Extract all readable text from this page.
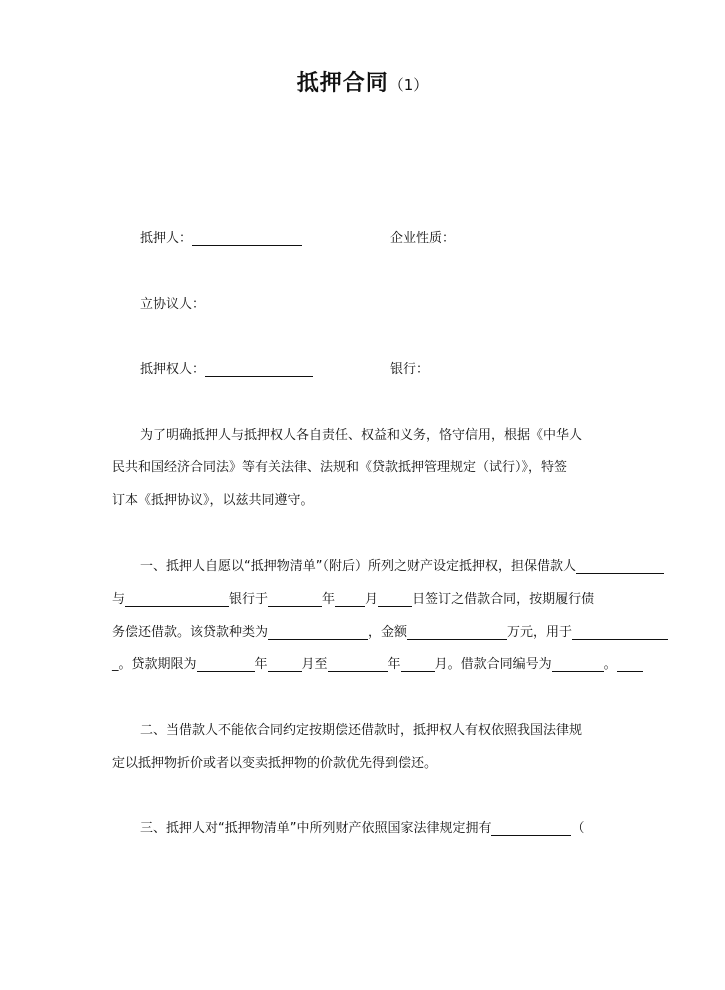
抵押合同（1）
抵押人：	企业性质：
立协议人：
抵押权人：	银行：
为了明确抵押人与抵押权人各自责任、权益和义务，恪守信用，根据《中华人
民共和国经济合同法》等有关法律、法规和《贷款抵押管理规定（试行）》，特签
订本《抵押协议》，以兹共同遵守。
一、抵押人自愿以“抵押物清单”（附后）所列之财产设定抵押权，担保借款人
与	银行于	年 月	日签订之借款合同，按期履行债
务偿还借款。该贷款种类为	，金额	万元，用于
_。贷款期限为	年	月至	年	月。借款合同编号为	。
二、当借款人不能依合同约定按期偿还借款时，抵押权人有权依照我国法律规
定以抵押物折价或者以变卖抵押物的价款优先得到偿还。
三、抵押人对“抵押物清单”中所列财产依照国家法律规定拥有	（
